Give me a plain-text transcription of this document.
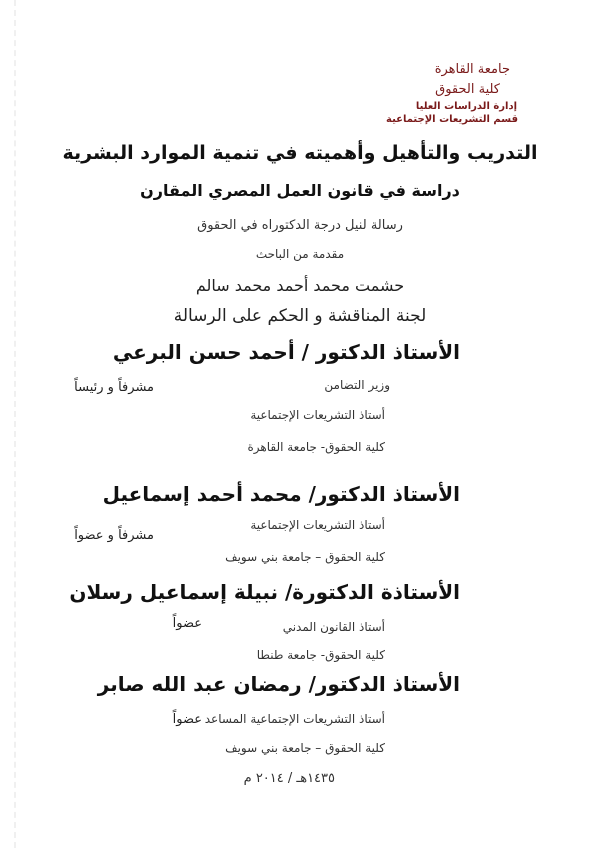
جامعة القاهرة
كلية الحقوق
إدارة الدراسات العليا
قسم التشريعات الإجتماعية
التدريب والتأهيل وأهميته في تنمية الموارد البشرية
دراسة في قانون العمل المصري المقارن
رسالة لنيل درجة الدكتوراه في الحقوق
مقدمة من الباحث
حشمت محمد أحمد محمد سالم
لجنة المناقشة و الحكم على الرسالة
الأستاذ الدكتور / أحمد حسن البرعي
وزير التضامن
مشرفاً و رئيساً
أستاذ التشريعات الإجتماعية
كلية الحقوق- جامعة القاهرة
الأستاذ الدكتور/ محمد أحمد إسماعيل
أستاذ التشريعات الإجتماعية
مشرفاً و عضواً
كلية الحقوق – جامعة بني سويف
الأستاذة الدكتورة/ نبيلة إسماعيل رسلان
أستاذ القانون المدني
عضواً
كلية الحقوق- جامعة طنطا
الأستاذ الدكتور/ رمضان عبد الله صابر
أستاذ التشريعات الإجتماعية المساعد
عضواً
كلية الحقوق – جامعة بني سويف
١٤٣٥هـ / ٢٠١٤ م
